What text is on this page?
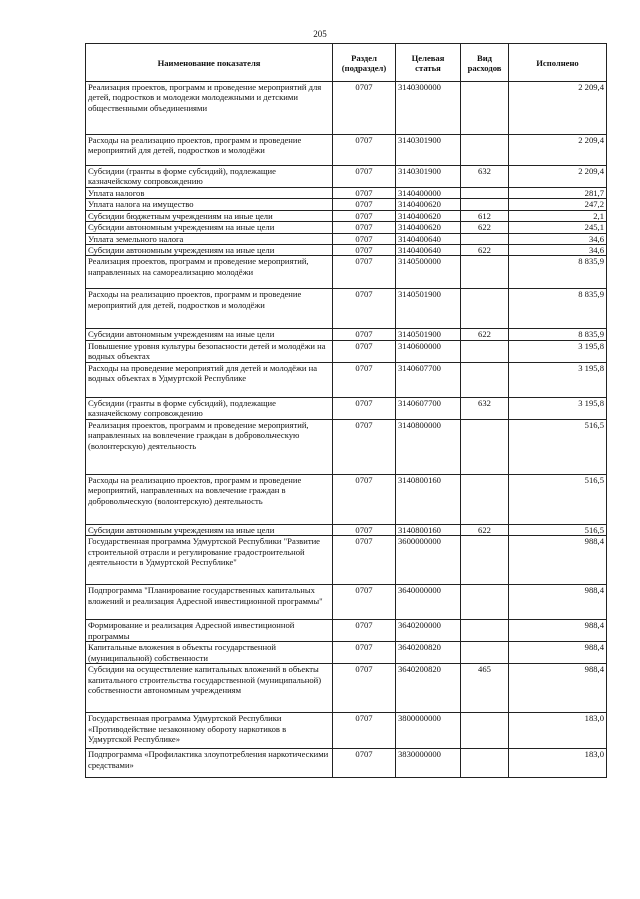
205
Наименование показателя	Раздел (подраздел)	Целевая статья	Вид расходов	Исполнено
Реализация проектов, программ и проведение мероприятий для детей, подростков и молодежи молодежными и детскими общественными объединениями	0707	3140300000		2 209,4
Расходы на реализацию проектов, программ и проведение мероприятий для детей, подростков и молодёжи	0707	3140301900		2 209,4
Субсидии (гранты в форме субсидий), подлежащие казначейскому сопровождению	0707	3140301900	632	2 209,4
Уплата налогов	0707	3140400000		281,7
Уплата налога на имущество	0707	3140400620		247,2
Субсидии бюджетным учреждениям на иные цели	0707	3140400620	612	2,1
Субсидии автономным учреждениям на иные цели	0707	3140400620	622	245,1
Уплата земельного налога	0707	3140400640		34,6
Субсидии автономным учреждениям на иные цели	0707	3140400640	622	34,6
Реализация проектов, программ и проведение мероприятий, направленных на самореализацию молодёжи	0707	3140500000		8 835,9
Расходы на реализацию проектов, программ и проведение мероприятий для детей, подростков и молодёжи	0707	3140501900		8 835,9
Субсидии автономным учреждениям на иные цели	0707	3140501900	622	8 835,9
Повышение уровня культуры безопасности детей и молодёжи на водных объектах	0707	3140600000		3 195,8
Расходы на проведение мероприятий для детей и молодёжи на водных объектах в Удмуртской Республике	0707	3140607700		3 195,8
Субсидии (гранты в форме субсидий), подлежащие казначейскому сопровождению	0707	3140607700	632	3 195,8
Реализация проектов, программ и проведение мероприятий, направленных на вовлечение граждан в добровольческую (волонтерскую) деятельность	0707	3140800000		516,5
Расходы на реализацию проектов, программ и проведение мероприятий, направленных на вовлечение граждан в добровольческую (волонтерскую) деятельность	0707	3140800160		516,5
Субсидии автономным учреждениям на иные цели	0707	3140800160	622	516,5
Государственная программа Удмуртской Республики "Развитие строительной отрасли и регулирование градостроительной деятельности в Удмуртской Республике"	0707	3600000000		988,4
Подпрограмма "Планирование государственных капитальных вложений и реализация Адресной инвестиционной программы"	0707	3640000000		988,4
Формирование и реализация Адресной инвестиционной программы	0707	3640200000		988,4
Капитальные вложения в объекты государственной (муниципальной) собственности	0707	3640200820		988,4
Субсидии на осуществление капитальных вложений в объекты капитального строительства государственной (муниципальной) собственности автономным учреждениям	0707	3640200820	465	988,4
Государственная программа Удмуртской Республики «Противодействие незаконному обороту наркотиков в Удмуртской Республике»	0707	3800000000		183,0
Подпрограмма «Профилактика злоупотребления наркотическими средствами»	0707	3830000000		183,0
